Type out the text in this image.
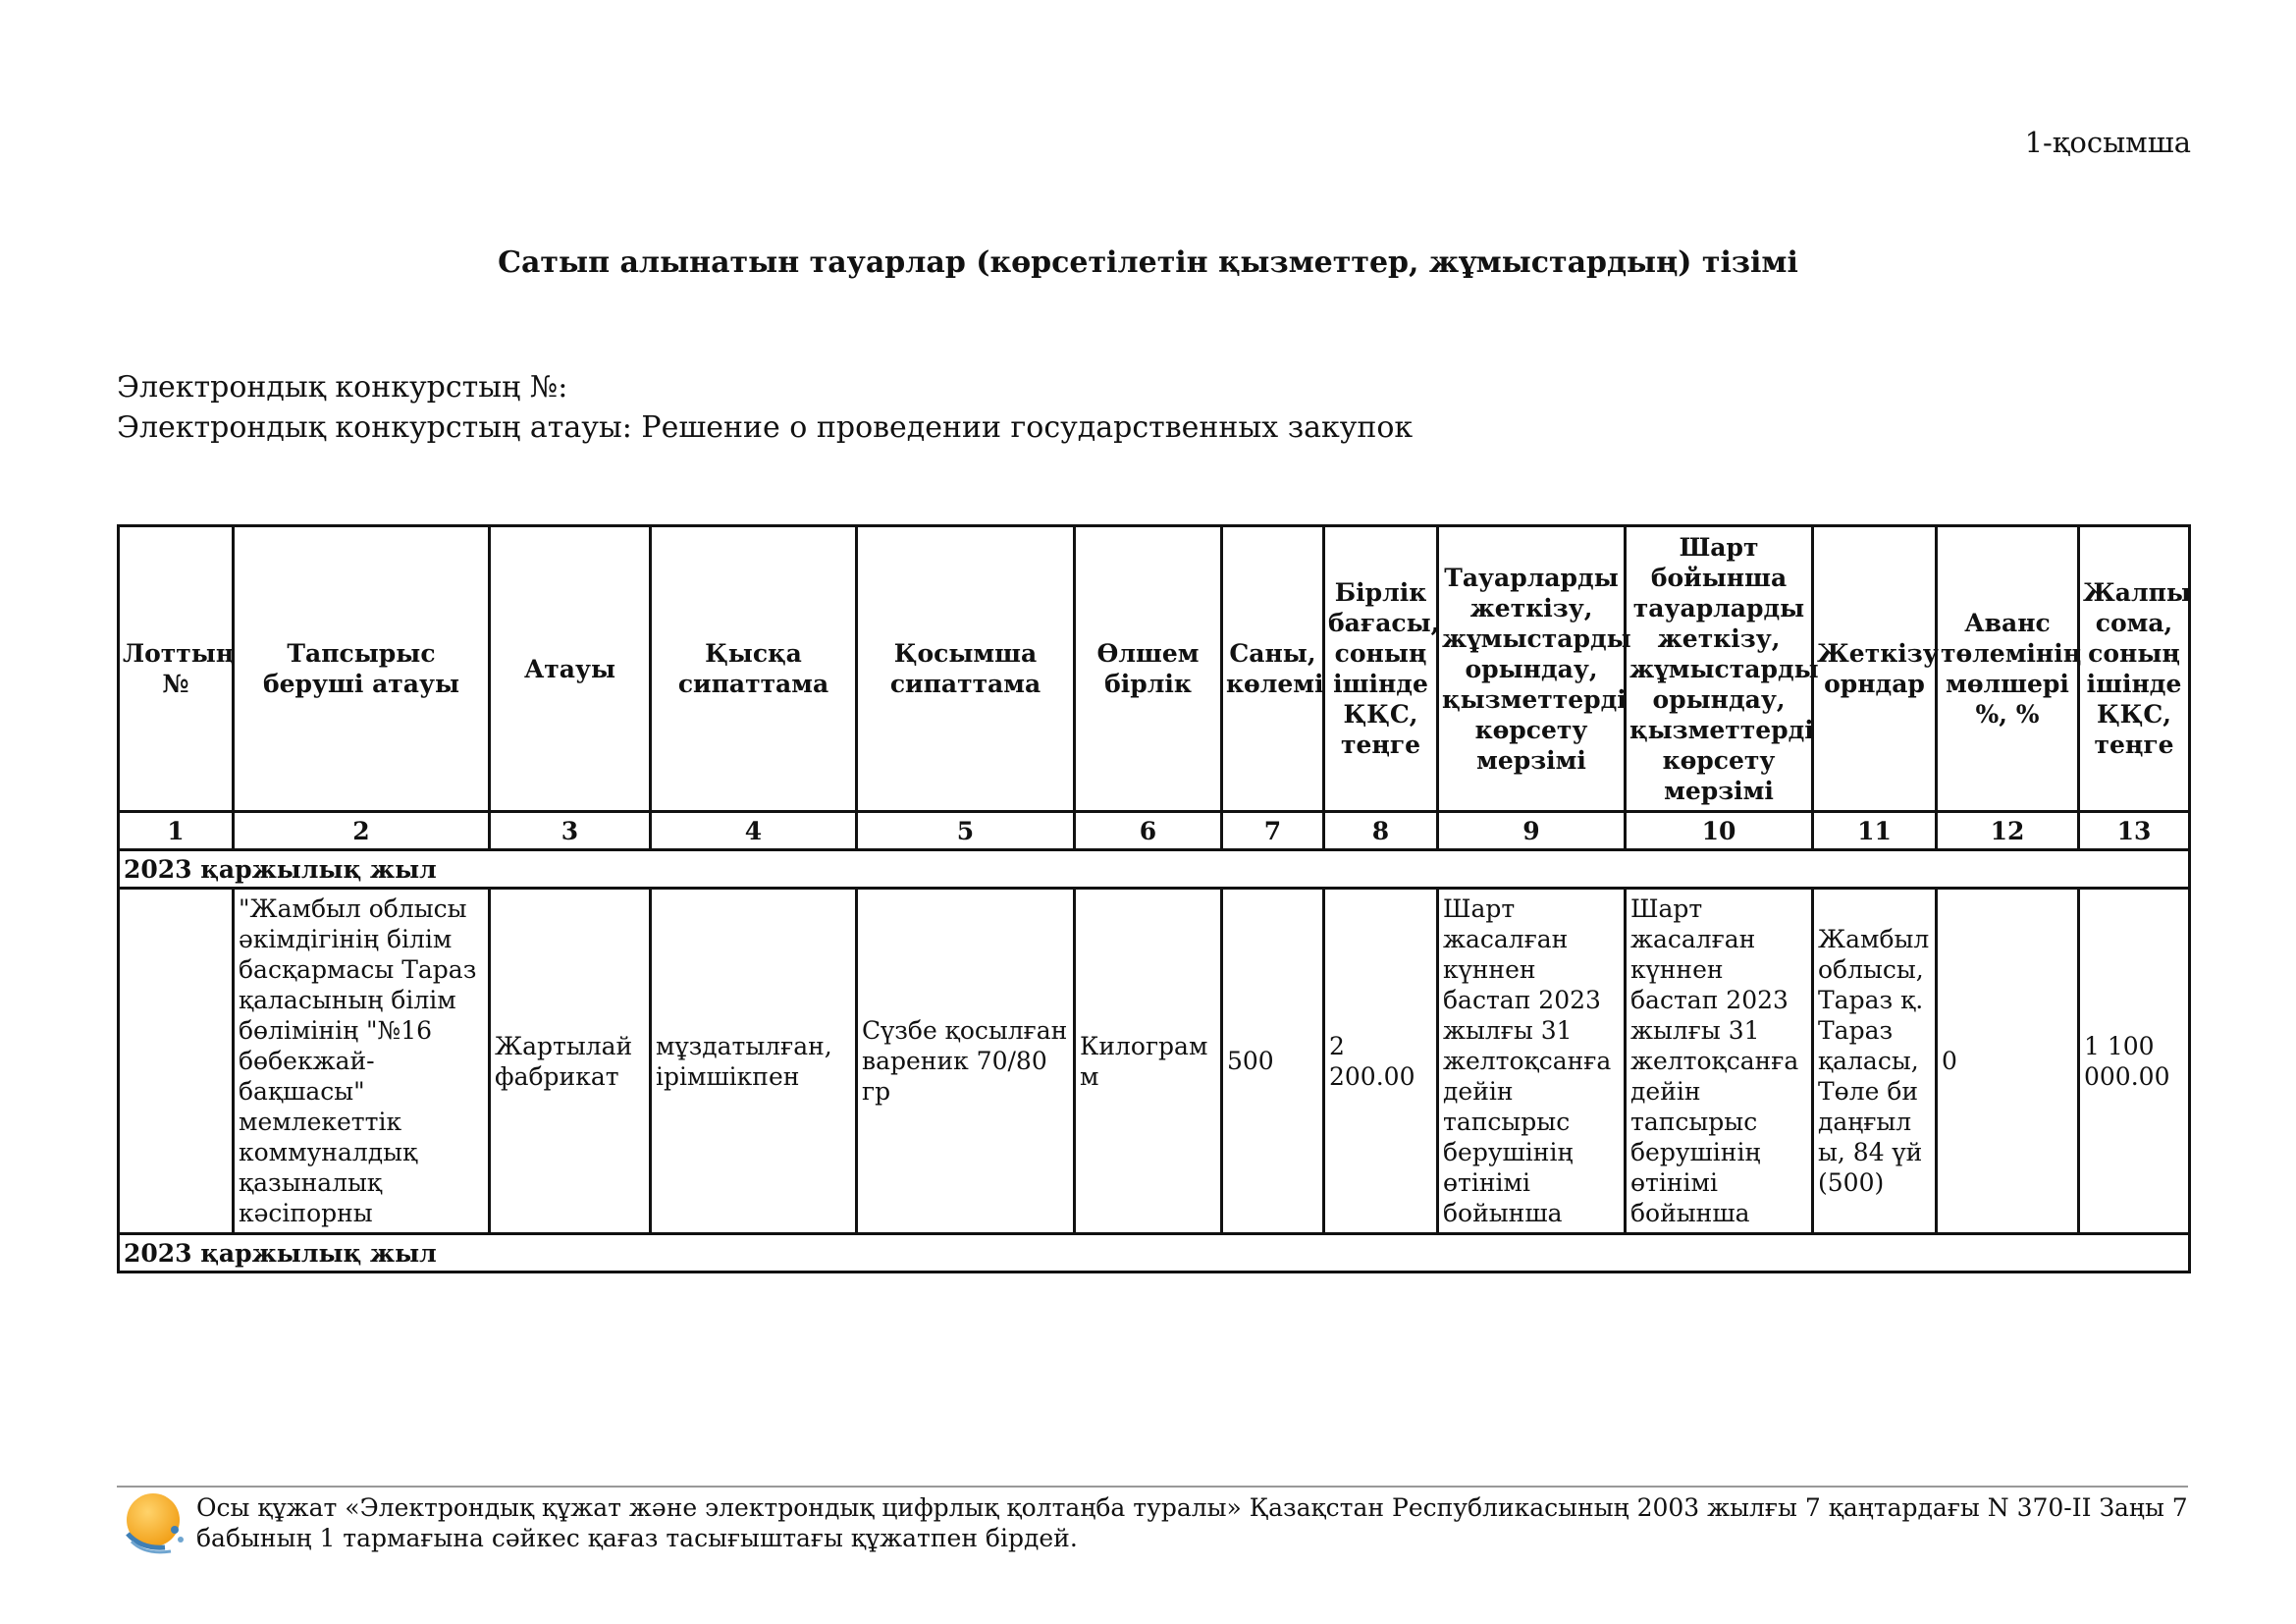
1-қосымша
Сатып алынатын тауарлар (көрсетілетін қызметтер, жұмыстардың) тізімі
Электрондық конкурстың №:
Электрондық конкурстың атауы: Решение о проведении государственных закупок
Лоттың №	Тапсырыс беруші атауы	Атауы	Қысқа сипаттама	Қосымша сипаттама	Өлшем бірлік	Саны, көлемі	Бірлік бағасы, соның ішінде ҚҚС, теңге	Тауарларды жеткізу, жұмыстарды орындау, қызметтерді көрсету мерзімі	Шарт бойынша тауарларды жеткізу, жұмыстарды орындау, қызметтерді көрсету мерзімі	Жеткізу орндар	Аванс төлемінің мөлшері %, %	Жалпы сома, соның ішінде ҚҚС, теңге
1	2	3	4	5	6	7	8	9	10	11	12	13
2023 қаржылық жыл												
	"Жамбыл облысы әкімдігінің білім басқармасы Тараз қаласының білім бөлімінің "№16 бөбекжай-бақшасы" мемлекеттік коммуналдық қазыналық кәсіпорны	Жартылай фабрикат	мұздатылған, ірімшікпен	Сүзбе қосылған вареник 70/80 гр	Килограмм	500	2 200.00	Шарт жасалған күннен бастап 2023 жылғы 31 желтоқсанға дейін тапсырыс берушінің өтінімі бойынша	Шарт жасалған күннен бастап 2023 жылғы 31 желтоқсанға дейін тапсырыс берушінің өтінімі бойынша	Жамбыл облысы, Тараз қ. Тараз қаласы, Төле би даңғылы, 84 үй (500)	0	1 100 000.00
2023 қаржылық жыл												
Осы құжат «Электрондық құжат және электрондық цифрлық қолтаңба туралы» Қазақстан Республикасының 2003 жылғы 7 қаңтардағы N 370-II Заңы 7 бабының 1 тармағына сәйкес қағаз тасығыштағы құжатпен бірдей.
